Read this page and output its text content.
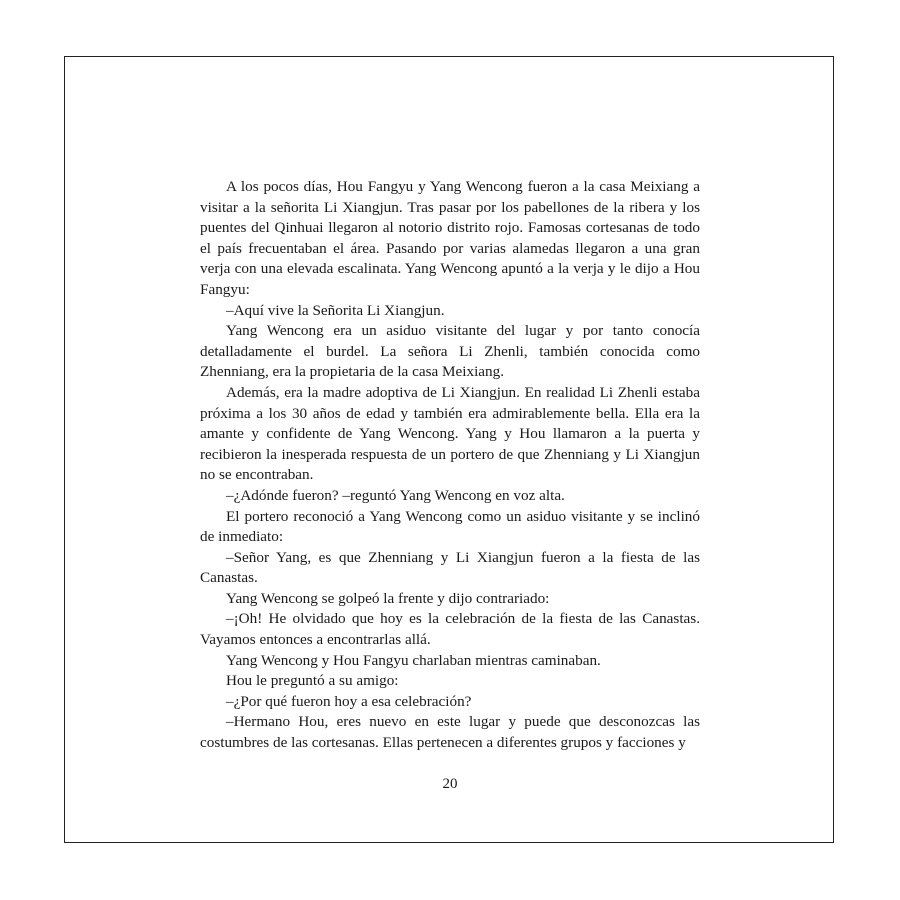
A los pocos días, Hou Fangyu y Yang Wencong fueron a la casa Meixiang a visitar a la señorita Li Xiangjun. Tras pasar por los pabellones de la ribera y los puentes del Qinhuai llegaron al notorio distrito rojo. Famosas cortesanas de todo el país frecuentaban el área. Pasando por varias alamedas llegaron a una gran verja con una elevada escalinata. Yang Wencong apuntó a la verja y le dijo a Hou Fangyu:

–Aquí vive la Señorita Li Xiangjun.

Yang Wencong era un asiduo visitante del lugar y por tanto conocía detalladamente el burdel. La señora Li Zhenli, también conocida como Zhenniang, era la propietaria de la casa Meixiang.

Además, era la madre adoptiva de Li Xiangjun. En realidad Li Zhenli estaba próxima a los 30 años de edad y también era admirablemente bella. Ella era la amante y confidente de Yang Wencong. Yang y Hou llamaron a la puerta y recibieron la inesperada respuesta de un portero de que Zhenniang y Li Xiangjun no se encontraban.

–¿Adónde fueron? –reguntó Yang Wencong en voz alta.

El portero reconoció a Yang Wencong como un asiduo visitante y se inclinó de inmediato:

–Señor Yang, es que Zhenniang y Li Xiangjun fueron a la fiesta de las Canastas.

Yang Wencong se golpeó la frente y dijo contrariado:

–¡Oh! He olvidado que hoy es la celebración de la fiesta de las Canastas. Vayamos entonces a encontrarlas allá.

Yang Wencong y Hou Fangyu charlaban mientras caminaban.

Hou le preguntó a su amigo:

–¿Por qué fueron hoy a esa celebración?

–Hermano Hou, eres nuevo en este lugar y puede que desconozcas las costumbres de las cortesanas. Ellas pertenecen a diferentes grupos y facciones y

20
